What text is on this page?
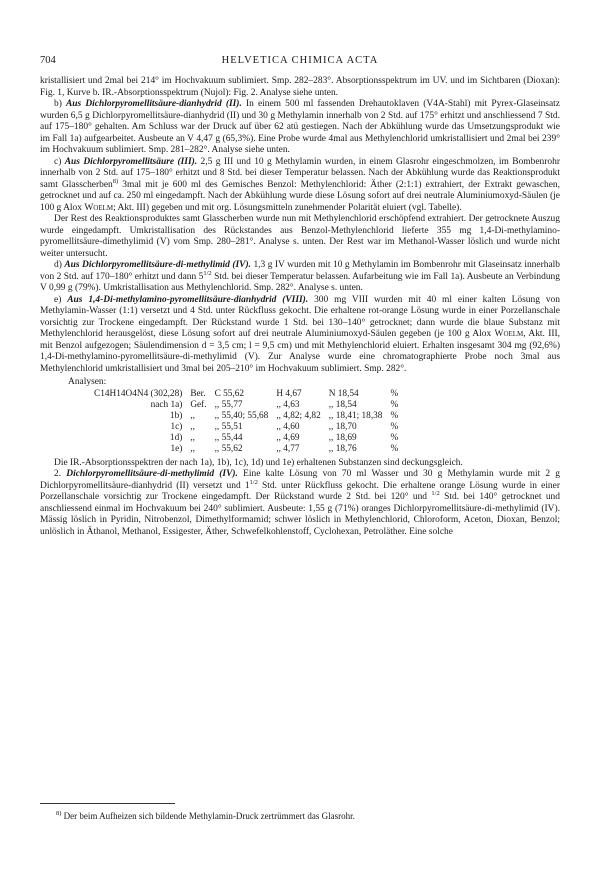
704	HELVETICA CHIMICA ACTA

kristallisiert und 2mal bei 214° im Hochvakuum sublimiert. Smp. 282–283°. Absorptionsspektrum im UV. und im Sichtbaren (Dioxan): Fig. 1, Kurve b. IR.-Absorptionsspektrum (Nujol): Fig. 2. Analyse siehe unten.

b) Aus Dichlorpyromellitsäure-dianhydrid (II). In einem 500 ml fassenden Drehautoklaven (V4A-Stahl) mit Pyrex-Glaseinsatz wurden 6,5 g Dichlorpyromellitsäure-dianhydrid (II) und 30 g Methylamin innerhalb von 2 Std. auf 175° erhitzt und anschliessend 7 Std. auf 175–180° gehalten. Am Schluss war der Druck auf über 62 atü gestiegen. Nach der Abkühlung wurde das Umsetzungsprodukt wie im Fall 1a) aufgearbeitet. Ausbeute an V 4,47 g (65,3%). Eine Probe wurde 4mal aus Methylenchlorid umkristallisiert und 2mal bei 239° im Hochvakuum sublimiert. Smp. 281–282°. Analyse siehe unten.

c) Aus Dichlorpyromellitsäure (III). 2,5 g III und 10 g Methylamin wurden, in einem Glasrohr eingeschmolzen, im Bombenrohr innerhalb von 2 Std. auf 175–180° erhitzt und 8 Std. bei dieser Temperatur belassen. Nach der Abkühlung wurde das Reaktionsprodukt samt Glasscherben$^{8)}$ 3mal mit je 600 ml des Gemisches Benzol: Methylenchlorid: Äther (2:1:1) extrahiert, der Extrakt gewaschen, getrocknet und auf ca. 250 ml eingedampft. Nach der Abkühlung wurde diese Lösung sofort auf drei neutrale Aluminiumoxyd-Säulen (je 100 g Alox Woelm; Akt. III) gegeben und mit org. Lösungsmitteln zunehmender Polarität eluiert (vgl. Tabelle).

Der Rest des Reaktionsproduktes samt Glasscherben wurde nun mit Methylenchlorid erschöpfend extrahiert. Der getrocknete Auszug wurde eingedampft. Umkristallisation des Rückstandes aus Benzol-Methylenchlorid lieferte 355 mg 1,4-Di-methylamino-pyromellitsäure-dimethylimid (V) vom Smp. 280–281°. Analyse s. unten. Der Rest war im Methanol-Wasser löslich und wurde nicht weiter untersucht.

d) Aus Dichlorpyromellitsäure-di-methylimid (IV). 1,3 g IV wurden mit 10 g Methylamin im Bombenrohr mit Glaseinsatz innerhalb von 2 Std. auf 170–180° erhitzt und dann $5^{1/2}$ Std. bei dieser Temperatur belassen. Aufarbeitung wie im Fall 1a). Ausbeute an Verbindung V 0,99 g (79%). Umkristallisation aus Methylenchlorid. Smp. 282°. Analyse s. unten.

e) Aus 1,4-Di-methylamino-pyromellitsäure-dianhydrid (VIII). 300 mg VIII wurden mit 40 ml einer kalten Lösung von Methylamin-Wasser (1:1) versetzt und 4 Std. unter Rückfluss gekocht. Die erhaltene rot-orange Lösung wurde in einer Porzellanschale vorsichtig zur Trockene eingedampft. Der Rückstand wurde 1 Std. bei 130–140° getrocknet; dann wurde die blaue Substanz mit Methylenchlorid herausgelöst, diese Lösung sofort auf drei neutrale Aluminiumoxyd-Säulen gegeben (je 100 g Alox Woelm, Akt. III, mit Benzol aufgezogen; Säulendimension d = 3,5 cm; l = 9,5 cm) und mit Methylenchlorid eluiert. Erhalten insgesamt 304 mg (92,6%) 1,4-Di-methylamino-pyromellitsäure-di-methylimid (V). Zur Analyse wurde eine chromatographierte Probe noch 3mal aus Methylenchlorid umkristallisiert und 3mal bei 205–210° im Hochvakuum sublimiert. Smp. 282°.

Analysen:

C14H14O4N4 (302,28)	Ber.	C 55,62	H 4,67	N 18,54	%
nach 1a)	Gef.	,, 55,77	,, 4,63	,, 18,54	%
1b)	,,	,, 55,40; 55,68	,, 4,82; 4,82	,, 18,41; 18,38	%
1c)	,,	,, 55,51	,, 4,60	,, 18,70	%
1d)	,,	,, 55,44	,, 4,69	,, 18,69	%
1e)	,,	,, 55,62	,, 4,77	,, 18,76	%

Die IR.-Absorptionsspektren der nach 1a), 1b), 1c), 1d) und 1e) erhaltenen Substanzen sind deckungsgleich.

2. Dichlorpyromellitsäure-di-methylimid (IV). Eine kalte Lösung von 70 ml Wasser und 30 g Methylamin wurde mit 2 g Dichlorpyromellitsäure-dianhydrid (II) versetzt und $1^{1/2}$ Std. unter Rückfluss gekocht. Die erhaltene orange Lösung wurde in einer Porzellanschale vorsichtig zur Trockene eingedampft. Der Rückstand wurde 2 Std. bei 120° und $^{1/2}$ Std. bei 140° getrocknet und anschliessend einmal im Hochvakuum bei 240° sublimiert. Ausbeute: 1,55 g (71%) oranges Dichlorpyromellitsäure-di-methylimid (IV). Mässig löslich in Pyridin, Nitrobenzol, Dimethylformamid; schwer löslich in Methylenchlorid, Chloroform, Aceton, Dioxan, Benzol; unlöslich in Äthanol, Methanol, Essigester, Äther, Schwefelkohlenstoff, Cyclohexan, Petroläther. Eine solche

$^{8)}$ Der beim Aufheizen sich bildende Methylamin-Druck zertrümmert das Glasrohr.
